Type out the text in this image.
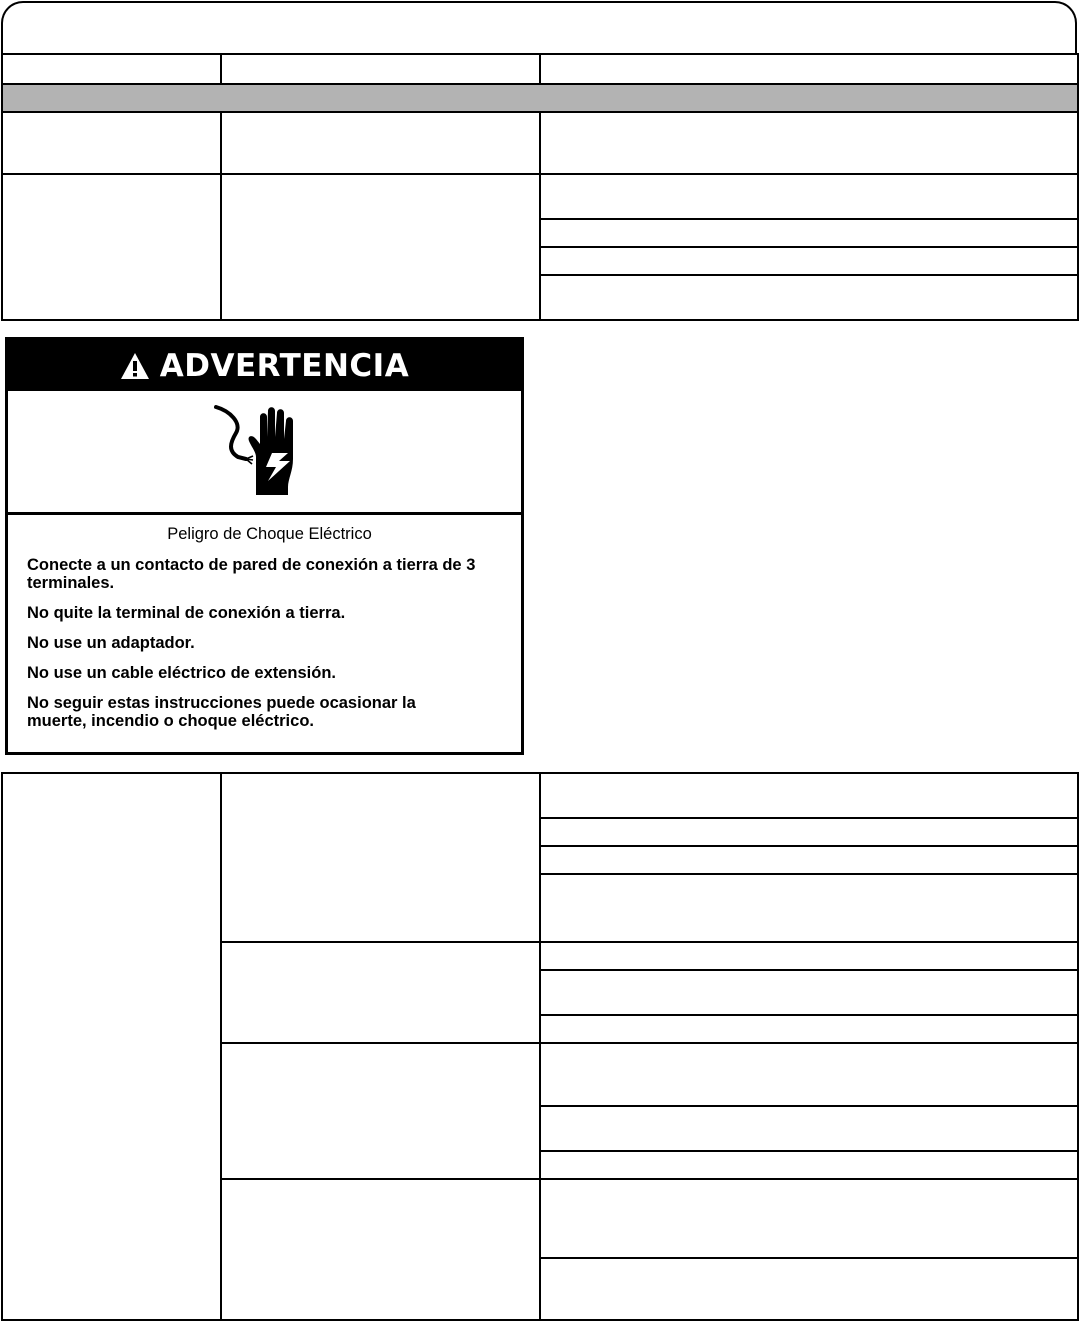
ADVERTENCIA
Peligro de Choque Eléctrico

Conecte a un contacto de pared de conexión a tierra de 3 terminales.

No quite la terminal de conexión a tierra.

No use un adaptador.

No use un cable eléctrico de extensión.

No seguir estas instrucciones puede ocasionar la muerte, incendio o choque eléctrico.
